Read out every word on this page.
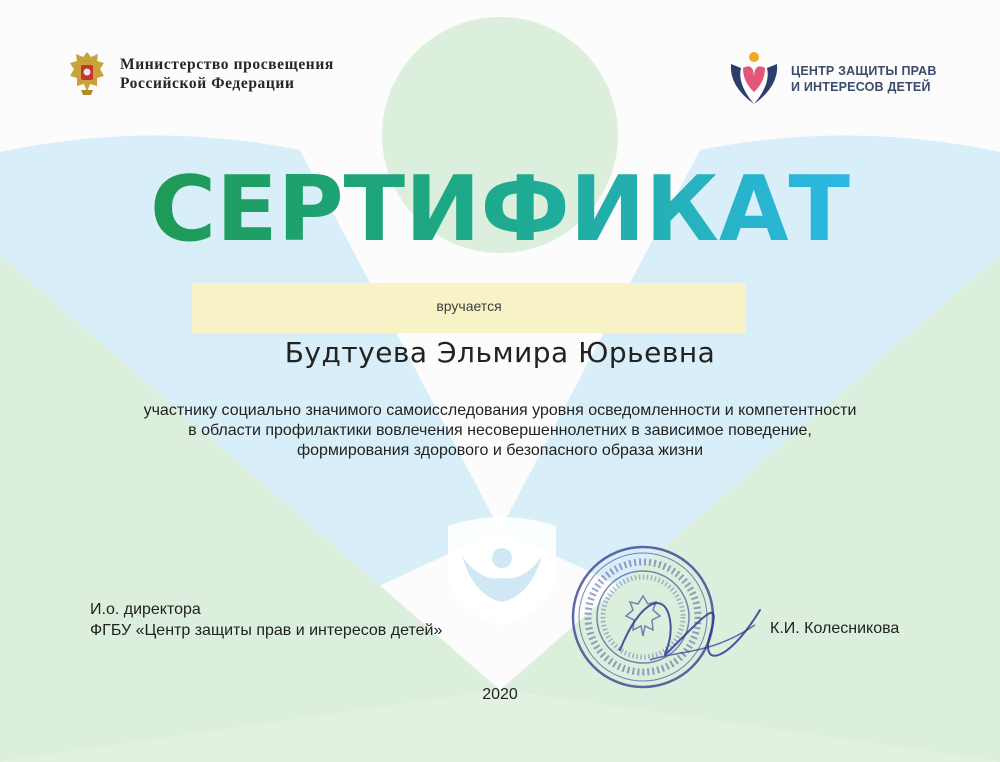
Министерство просвещения
Российской Федерации
ЦЕНТР ЗАЩИТЫ ПРАВ
И ИНТЕРЕСОВ ДЕТЕЙ
СЕРТИФИКАТ
вручается
Будтуева Эльмира Юрьевна
участнику социально значимого самоисследования уровня осведомленности и компетентности
в области профилактики вовлечения несовершеннолетних в зависимое поведение,
формирования здорового и безопасного образа жизни
И.о. директора
ФГБУ «Центр защиты прав и интересов детей»	К.И. Колесникова
2020
